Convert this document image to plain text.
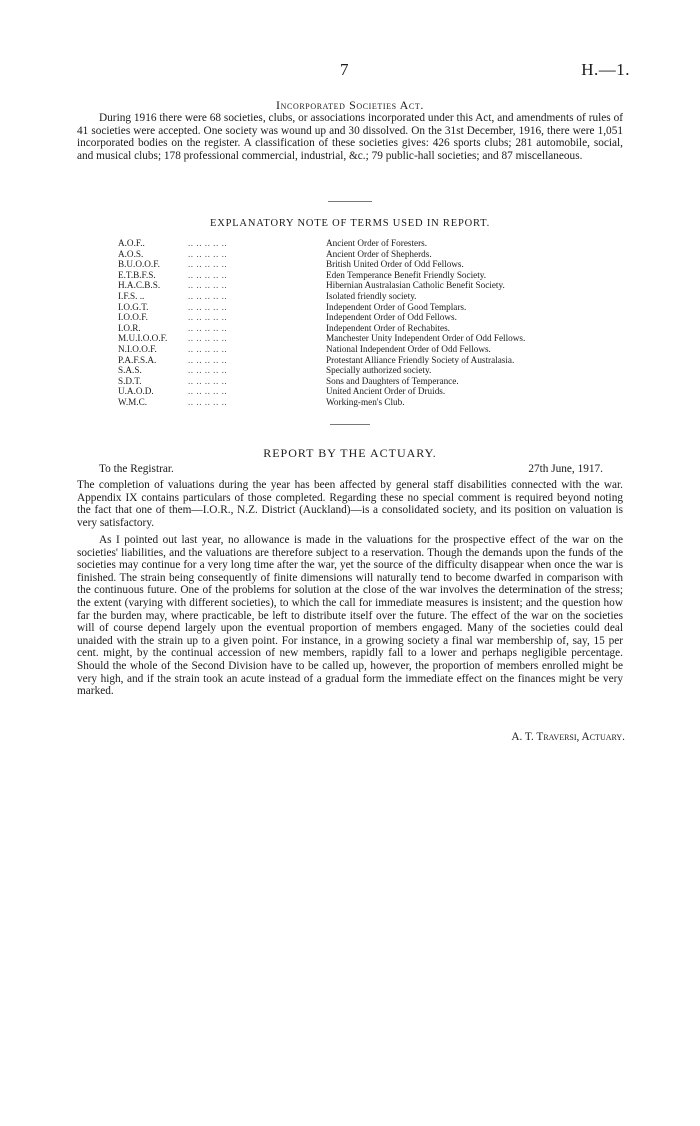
7	H.—1.
Incorporated Societies Act.

During 1916 there were 68 societies, clubs, or associations incorporated under this Act, and amendments of rules of 41 societies were accepted. One society was wound up and 30 dissolved. On the 31st December, 1916, there were 1,051 incorporated bodies on the register. A classification of these societies gives: 426 sports clubs; 281 automobile, social, and musical clubs; 178 professional commercial, industrial, &c.; 79 public-hall societies; and 87 miscellaneous.

EXPLANATORY NOTE OF TERMS USED IN REPORT.
A.O.F..	.. .. .. .. ..	Ancient Order of Foresters.
A.O.S.	.. .. .. .. ..	Ancient Order of Shepherds.
B.U.O.O.F.	.. .. .. .. ..	British United Order of Odd Fellows.
E.T.B.F.S.	.. .. .. .. ..	Eden Temperance Benefit Friendly Society.
H.A.C.B.S.	.. .. .. .. ..	Hibernian Australasian Catholic Benefit Society.
I.F.S. ..	.. .. .. .. ..	Isolated friendly society.
I.O.G.T.	.. .. .. .. ..	Independent Order of Good Templars.
I.O.O.F.	.. .. .. .. ..	Independent Order of Odd Fellows.
I.O.R.	.. .. .. .. ..	Independent Order of Rechabites.
M.U.I.O.O.F.	.. .. .. .. ..	Manchester Unity Independent Order of Odd Fellows.
N.I.O.O.F.	.. .. .. .. ..	National Independent Order of Odd Fellows.
P.A.F.S.A.	.. .. .. .. ..	Protestant Alliance Friendly Society of Australasia.
S.A.S.	.. .. .. .. ..	Specially authorized society.
S.D.T.	.. .. .. .. ..	Sons and Daughters of Temperance.
U.A.O.D.	.. .. .. .. ..	United Ancient Order of Druids.
W.M.C.	.. .. .. .. ..	Working-men's Club.
REPORT BY THE ACTUARY.
To the Registrar.	27th June, 1917.

The completion of valuations during the year has been affected by general staff disabilities connected with the war. Appendix IX contains particulars of those completed. Regarding these no special comment is required beyond noting the fact that one of them—I.O.R., N.Z. District (Auckland)—is a consolidated society, and its position on valuation is very satisfactory.

As I pointed out last year, no allowance is made in the valuations for the prospective effect of the war on the societies' liabilities, and the valuations are therefore subject to a reservation. Though the demands upon the funds of the societies may continue for a very long time after the war, yet the source of the difficulty disappear when once the war is finished. The strain being consequently of finite dimensions will naturally tend to become dwarfed in comparison with the continuous future. One of the problems for solution at the close of the war involves the determination of the stress; the extent (varying with different societies), to which the call for immediate measures is insistent; and the question how far the burden may, where practicable, be left to distribute itself over the future. The effect of the war on the societies will of course depend largely upon the eventual proportion of members engaged. Many of the societies could deal unaided with the strain up to a given point. For instance, in a growing society a final war membership of, say, 15 per cent. might, by the continual accession of new members, rapidly fall to a lower and perhaps negligible percentage. Should the whole of the Second Division have to be called up, however, the proportion of members enrolled might be very high, and if the strain took an acute instead of a gradual form the immediate effect on the finances might be very marked.

A. T. Traversi, Actuary.
